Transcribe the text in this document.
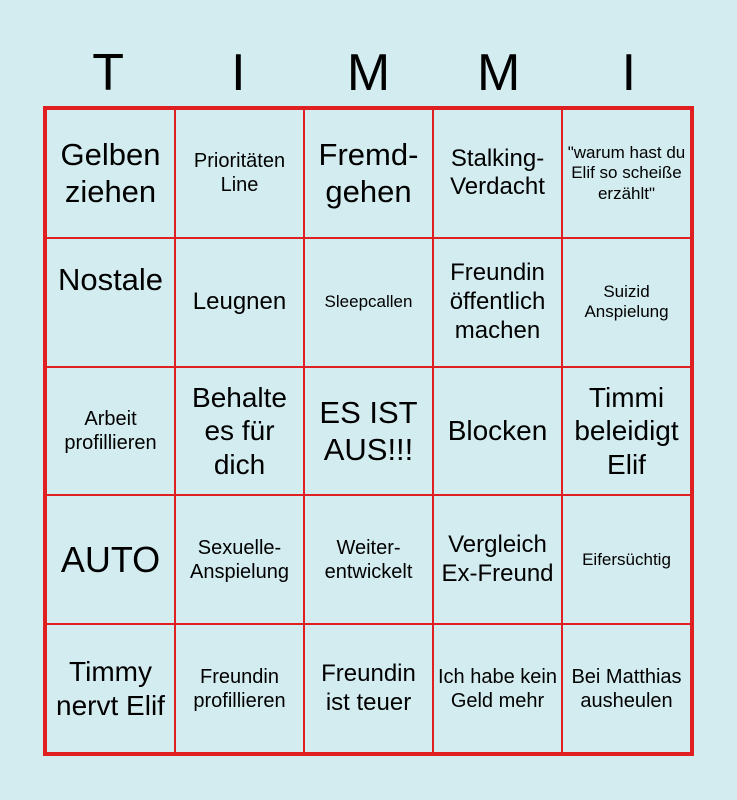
T	I	M	M	I
Gelben ziehen
Prioritäten Line
Fremd-gehen
Stalking-Verdacht
"warum hast du Elif so scheiße erzählt"
Nostale
Leugnen	Sleepcallen
Freundin öffentlich machen
Suizid Anspielung
Arbeit profillieren
Behalte es für dich
ES IST AUS!!!
Blocken
Timmi beleidigt Elif
AUTO	Sexuelle-Anspielung
Weiter-entwickelt
Vergleich Ex-Freund
Eifersüchtig
Timmy nervt Elif
Freundin profillieren
Freundin ist teuer
Ich habe kein Geld mehr
Bei Matthias ausheulen
